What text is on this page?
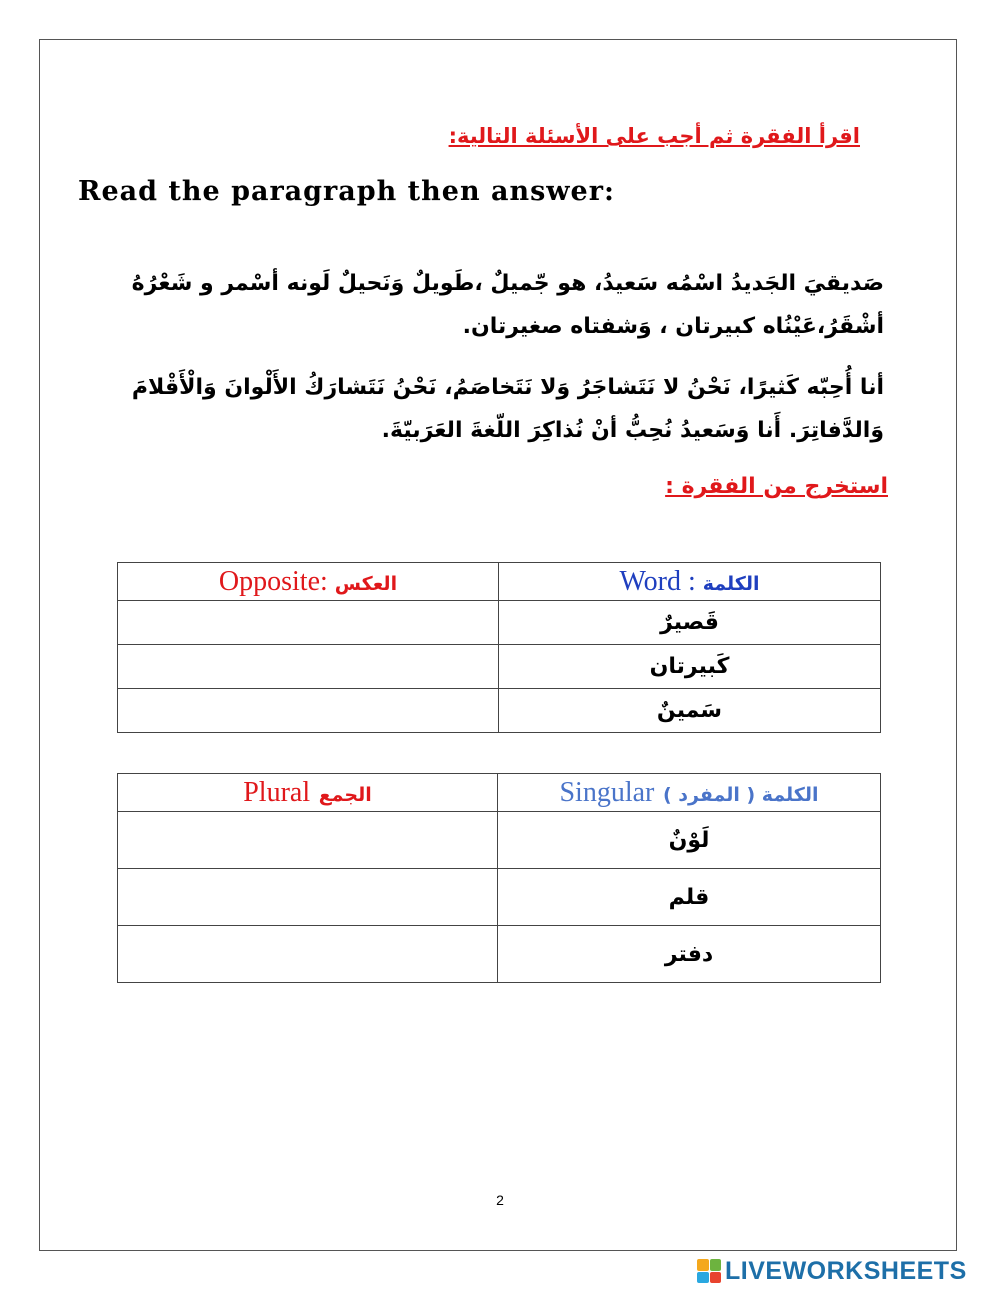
اقرأ الفقرة ثم أجب على الأسئلة التالية:
Read the paragraph then answer:
صَديقيَ الجَديدُ اسْمُه سَعيدُ، هو جّميلٌ ،طَويلٌ وَنَحيلٌ لَونه أسْمر و شَعْرُهُ أشْقَرُ،عَيْنُاه كبيرتان ، وَشفتاه صغيرتان.
أنا أُحِبّه كَثيرًا، نَحْنُ لا نَتَشاجَرُ وَلا نَتَخاصَمُ، نَحْنُ نَتَشارَكُ الأَلْوانَ وَالْأَقْلامَ وَالدَّفاتِرَ. أَنا وَسَعيدُ نُحِبُّ أنْ نُذاكِرَ اللّغةَ العَرَبيّةَ.
استخرج من الفقرة :
Opposite: العكس	Word : الكلمة
	قَصيرٌ
	كَبيرتان
	سَمينٌ
Plural الجمع	Singular الكلمة ( المفرد )
	لَوْنٌ
	قلم
	دفتر
2
LIVEWORKSHEETS
